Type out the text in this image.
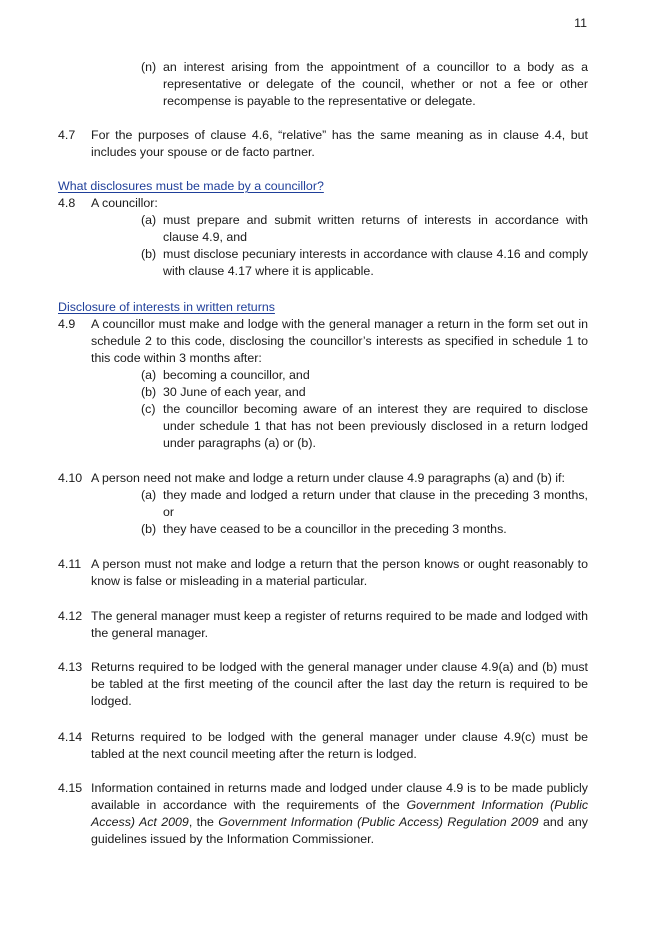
11
(n) an interest arising from the appointment of a councillor to a body as a representative or delegate of the council, whether or not a fee or other recompense is payable to the representative or delegate.
4.7	For the purposes of clause 4.6, “relative” has the same meaning as in clause 4.4, but includes your spouse or de facto partner.
What disclosures must be made by a councillor?
4.8	A councillor:
(a) must prepare and submit written returns of interests in accordance with clause 4.9, and
(b) must disclose pecuniary interests in accordance with clause 4.16 and comply with clause 4.17 where it is applicable.
Disclosure of interests in written returns
4.9	A councillor must make and lodge with the general manager a return in the form set out in schedule 2 to this code, disclosing the councillor’s interests as specified in schedule 1 to this code within 3 months after:
(a) becoming a councillor, and
(b) 30 June of each year, and
(c) the councillor becoming aware of an interest they are required to disclose under schedule 1 that has not been previously disclosed in a return lodged under paragraphs (a) or (b).
4.10 A person need not make and lodge a return under clause 4.9 paragraphs (a) and (b) if:
(a) they made and lodged a return under that clause in the preceding 3 months, or
(b) they have ceased to be a councillor in the preceding 3 months.
4.11 A person must not make and lodge a return that the person knows or ought reasonably to know is false or misleading in a material particular.
4.12 The general manager must keep a register of returns required to be made and lodged with the general manager.
4.13 Returns required to be lodged with the general manager under clause 4.9(a) and (b) must be tabled at the first meeting of the council after the last day the return is required to be lodged.
4.14 Returns required to be lodged with the general manager under clause 4.9(c) must be tabled at the next council meeting after the return is lodged.
4.15 Information contained in returns made and lodged under clause 4.9 is to be made publicly available in accordance with the requirements of the Government Information (Public Access) Act 2009, the Government Information (Public Access) Regulation 2009 and any guidelines issued by the Information Commissioner.
